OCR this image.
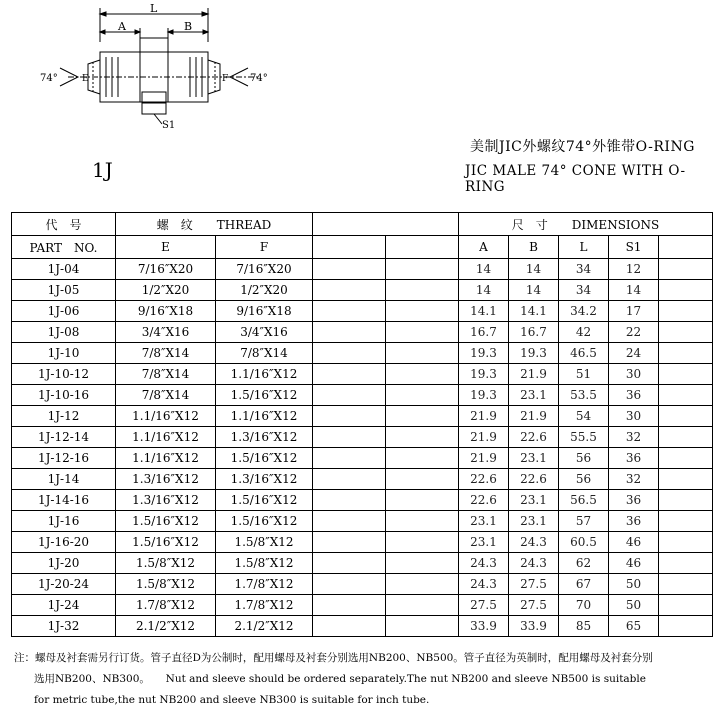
L
A	B
74°	74°
E	F
S1
美制JIC外螺纹74°外锥带O-RING
JIC MALE 74° CONE WITH O-RING
1J
代　号	螺　纹　　THREAD				尺　寸　　DIMENSIONS				
PART　NO.	E	F			A	B	L	S1	
1J-04	7/16″X20	7/16″X20			14	14	34	12	
1J-05	1/2″X20	1/2″X20			14	14	34	14	
1J-06	9/16″X18	9/16″X18			14.1	14.1	34.2	17	
1J-08	3/4″X16	3/4″X16			16.7	16.7	42	22	
1J-10	7/8″X14	7/8″X14			19.3	19.3	46.5	24	
1J-10-12	7/8″X14	1.1/16″X12			19.3	21.9	51	30	
1J-10-16	7/8″X14	1.5/16″X12			19.3	23.1	53.5	36	
1J-12	1.1/16″X12	1.1/16″X12			21.9	21.9	54	30	
1J-12-14	1.1/16″X12	1.3/16″X12			21.9	22.6	55.5	32	
1J-12-16	1.1/16″X12	1.5/16″X12			21.9	23.1	56	36	
1J-14	1.3/16″X12	1.3/16″X12			22.6	22.6	56	32	
1J-14-16	1.3/16″X12	1.5/16″X12			22.6	23.1	56.5	36	
1J-16	1.5/16″X12	1.5/16″X12			23.1	23.1	57	36	
1J-16-20	1.5/16″X12	1.5/8″X12			23.1	24.3	60.5	46	
1J-20	1.5/8″X12	1.5/8″X12			24.3	24.3	62	46	
1J-20-24	1.5/8″X12	1.7/8″X12			24.3	27.5	67	50	
1J-24	1.7/8″X12	1.7/8″X12			27.5	27.5	70	50	
1J-32	2.1/2″X12	2.1/2″X12			33.9	33.9	85	65	
注：螺母及衬套需另行订货。管子直径D为公制时，配用螺母及衬套分别选用NB200、NB500。管子直径为英制时，配用螺母及衬套分别
选用NB200、NB300。　　Nut and sleeve should be ordered separately.The nut NB200 and sleeve NB500 is suitable
for metric tube,the nut NB200 and sleeve NB300 is suitable for inch tube.
